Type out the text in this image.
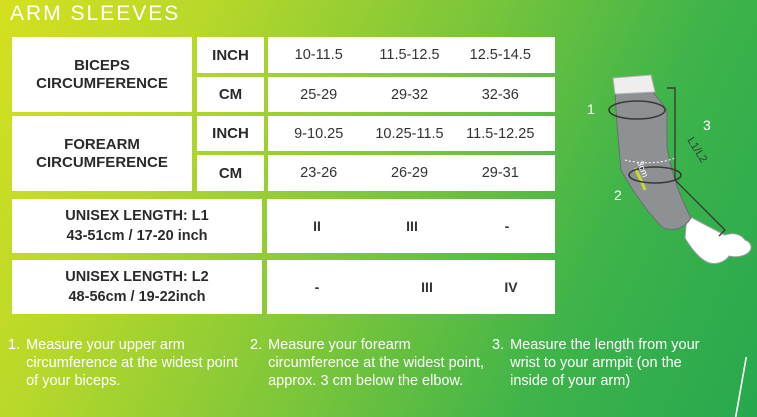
ARM SLEEVES
BICEPS
CIRCUMFERENCE
INCH	10-11.5	11.5-12.5	12.5-14.5
CM	25-29	29-32	32-36
FOREARM
CIRCUMFERENCE
INCH	9-10.25	10.25-11.5	11.5-12.25
CM	23-26	26-29	29-31
UNISEX LENGTH: L1
43-51cm / 17-20 inch
II	III	-
UNISEX LENGTH: L2
48-56cm / 19-22inch
-	III	IV
L1/L2
3cm
1
2
3
1. Measure your upper arm circumference at the widest point of your biceps.
2. Measure your forearm circumference at the widest point, approx. 3 cm below the elbow.
3. Measure the length from your wrist to your armpit (on the inside of your arm)
